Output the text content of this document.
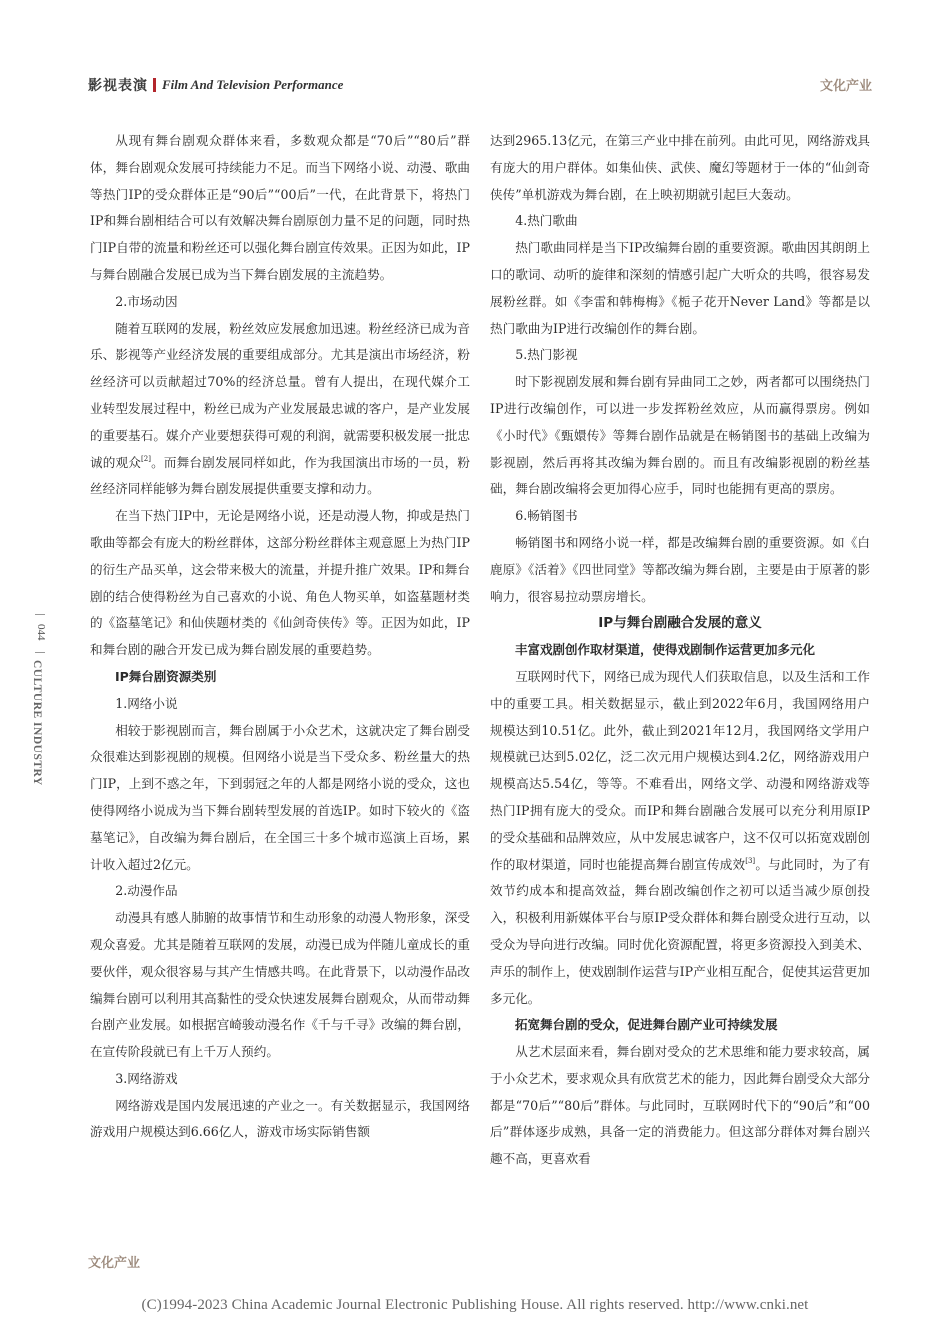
影视表演 Film And Television Performance	文化产业
044
CULTURE INDUSTRY

从现有舞台剧观众群体来看，多数观众都是“70后”“80后”群体，舞台剧观众发展可持续能力不足。而当下网络小说、动漫、歌曲等热门IP的受众群体正是“90后”“00后”一代，在此背景下，将热门IP和舞台剧相结合可以有效解决舞台剧原创力量不足的问题，同时热门IP自带的流量和粉丝还可以强化舞台剧宣传效果。正因为如此，IP与舞台剧融合发展已成为当下舞台剧发展的主流趋势。

2.市场动因

随着互联网的发展，粉丝效应发展愈加迅速。粉丝经济已成为音乐、影视等产业经济发展的重要组成部分。尤其是演出市场经济，粉丝经济可以贡献超过70%的经济总量。曾有人提出，在现代媒介工业转型发展过程中，粉丝已成为产业发展最忠诚的客户，是产业发展的重要基石。媒介产业要想获得可观的利润，就需要积极发展一批忠诚的观众[2]。而舞台剧发展同样如此，作为我国演出市场的一员，粉丝经济同样能够为舞台剧发展提供重要支撑和动力。

在当下热门IP中，无论是网络小说，还是动漫人物，抑或是热门歌曲等都会有庞大的粉丝群体，这部分粉丝群体主观意愿上为热门IP的衍生产品买单，这会带来极大的流量，并提升推广效果。IP和舞台剧的结合使得粉丝为自己喜欢的小说、角色人物买单，如盗墓题材类的《盗墓笔记》和仙侠题材类的《仙剑奇侠传》等。正因为如此，IP和舞台剧的融合开发已成为舞台剧发展的重要趋势。

IP舞台剧资源类别

1.网络小说

相较于影视剧而言，舞台剧属于小众艺术，这就决定了舞台剧受众很难达到影视剧的规模。但网络小说是当下受众多、粉丝量大的热门IP，上到不惑之年，下到弱冠之年的人都是网络小说的受众，这也使得网络小说成为当下舞台剧转型发展的首选IP。如时下较火的《盗墓笔记》，自改编为舞台剧后，在全国三十多个城市巡演上百场，累计收入超过2亿元。

2.动漫作品

动漫具有感人肺腑的故事情节和生动形象的动漫人物形象，深受观众喜爱。尤其是随着互联网的发展，动漫已成为伴随儿童成长的重要伙伴，观众很容易与其产生情感共鸣。在此背景下，以动漫作品改编舞台剧可以利用其高黏性的受众快速发展舞台剧观众，从而带动舞台剧产业发展。如根据宫崎骏动漫名作《千与千寻》改编的舞台剧，在宣传阶段就已有上千万人预约。

3.网络游戏

网络游戏是国内发展迅速的产业之一。有关数据显示，我国网络游戏用户规模达到6.66亿人，游戏市场实际销售额

达到2965.13亿元，在第三产业中排在前列。由此可见，网络游戏具有庞大的用户群体。如集仙侠、武侠、魔幻等题材于一体的“仙剑奇侠传”单机游戏为舞台剧，在上映初期就引起巨大轰动。

4.热门歌曲

热门歌曲同样是当下IP改编舞台剧的重要资源。歌曲因其朗朗上口的歌词、动听的旋律和深刻的情感引起广大听众的共鸣，很容易发展粉丝群。如《李雷和韩梅梅》《栀子花开Never Land》等都是以热门歌曲为IP进行改编创作的舞台剧。

5.热门影视

时下影视剧发展和舞台剧有异曲同工之妙，两者都可以围绕热门IP进行改编创作，可以进一步发挥粉丝效应，从而赢得票房。例如《小时代》《甄嬛传》等舞台剧作品就是在畅销图书的基础上改编为影视剧，然后再将其改编为舞台剧的。而且有改编影视剧的粉丝基础，舞台剧改编将会更加得心应手，同时也能拥有更高的票房。

6.畅销图书

畅销图书和网络小说一样，都是改编舞台剧的重要资源。如《白鹿原》《活着》《四世同堂》等都改编为舞台剧，主要是由于原著的影响力，很容易拉动票房增长。

IP与舞台剧融合发展的意义

丰富戏剧创作取材渠道，使得戏剧制作运营更加多元化

互联网时代下，网络已成为现代人们获取信息，以及生活和工作中的重要工具。相关数据显示，截止到2022年6月，我国网络用户规模达到10.51亿。此外，截止到2021年12月，我国网络文学用户规模就已达到5.02亿，泛二次元用户规模达到4.2亿，网络游戏用户规模高达5.54亿，等等。不难看出，网络文学、动漫和网络游戏等热门IP拥有庞大的受众。而IP和舞台剧融合发展可以充分利用原IP的受众基础和品牌效应，从中发展忠诚客户，这不仅可以拓宽戏剧创作的取材渠道，同时也能提高舞台剧宣传成效[3]。与此同时，为了有效节约成本和提高效益，舞台剧改编创作之初可以适当减少原创投入，积极利用新媒体平台与原IP受众群体和舞台剧受众进行互动，以受众为导向进行改编。同时优化资源配置，将更多资源投入到美术、声乐的制作上，使戏剧制作运营与IP产业相互配合，促使其运营更加多元化。

拓宽舞台剧的受众，促进舞台剧产业可持续发展

从艺术层面来看，舞台剧对受众的艺术思维和能力要求较高，属于小众艺术，要求观众具有欣赏艺术的能力，因此舞台剧受众大部分都是“70后”“80后”群体。与此同时，互联网时代下的“90后”和“00后”群体逐步成熟，具备一定的消费能力。但这部分群体对舞台剧兴趣不高，更喜欢看

文化产业
(C)1994-2023 China Academic Journal Electronic Publishing House. All rights reserved. http://www.cnki.net
